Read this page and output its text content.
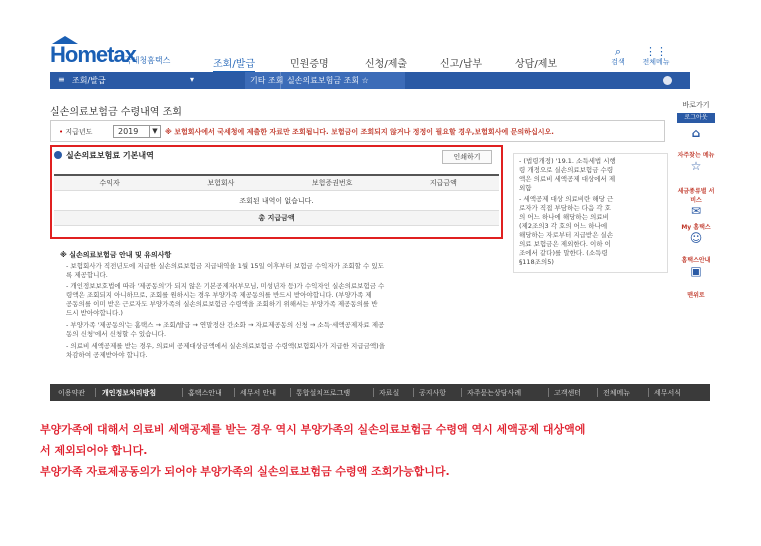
Hometax
국세청홈택스	조회/발급	민원증명	신청/제출	신고/납부	상담/제보
⌕
검색
⋮⋮
전체메뉴
≡ 조회/발급	▾	기타 조회 실손의료보험금 조회 ☆
실손의료보험금 수령내역 조회
• 지급년도	2019	▼	※ 보험회사에서 국세청에 제출한 자료만 조회됩니다. 보험금이 조회되지 않거나 정정이 필요할 경우,보험회사에 문의하십시오.
실손의료보험료 기본내역	인쇄하기
수익자	보험회사	보험증권번호	지급금액
조회된 내역이 없습니다.
총 지급금액
※ 실손의료보험금 안내 및 유의사항
- 보험회사가 직전년도에 지급한 실손의료보험금 지급내역을 1월 15일 이후부터 보험금 수익자가 조회할 수 있도
록 제공합니다.
- 개인정보보호법에 따라 '제공동의'가 되지 않은 기본공제자(부모님, 미성년자 등)가 수익자인 실손의료보험금 수
령액은 조회되지 아니하므로, 조회를 원하시는 경우 부양가족 제공동의를 반드시 받아야합니다. (부양가족 제
공동의를 이미 받은 근로자도 부양가족의 실손의료보험금 수령액을 조회하기 위해서는 부양가족 제공동의를 반
드시 받아야합니다.)
- 부양가족 '제공동의'는 홈택스 → 조회/발급 → 연말정산 간소화 → 자료제공동의 신청 → 소득·세액공제자료 제공
동의 신청'에서 신청할 수 있습니다.
- 의료비 세액공제를 받는 경우, 의료비 공제대상금액에서 실손의료보험금 수령액(보험회사가 지급한 지급금액)을
차감하여 공제받아야 합니다.
- (법령개정) '19.1. 소득세법 시행
령 개정으로 실손의료보험금 수령
액은 의료비 세액공제 대상에서 제
외함
- 세액공제 대상 의료비란 해당 근
로자가 직접 부담하는 다음 각 호
의 어느 하나에 해당하는 의료비
(제2조의3 각 호의 어느 하나에
해당하는 자로부터 지급받은 실손
의료 보험금은 제외한다. 이하 이
조에서 같다)를 말한다. (소득령
§118조의5)
바로가기
로그아웃
⌂
자주찾는 메뉴
☆
세금종류별 서비스
✉
My 홈택스
☺
홈택스안내
▣
맨위로
이용약관 개인정보처리방침	홈택스안내	세무서 안내	통합설치프로그램	자료실	공지사항	자주묻는상담사례	고객센터	전체메뉴	세무서식
부양가족에 대해서 의료비 세액공제를 받는 경우 역시 부양가족의 실손의료보험금 수령액 역시 세액공제 대상액에
서 제외되어야 합니다.
부양가족 자료제공동의가 되어야 부양가족의 실손의료보험금 수령액 조회가능합니다.
